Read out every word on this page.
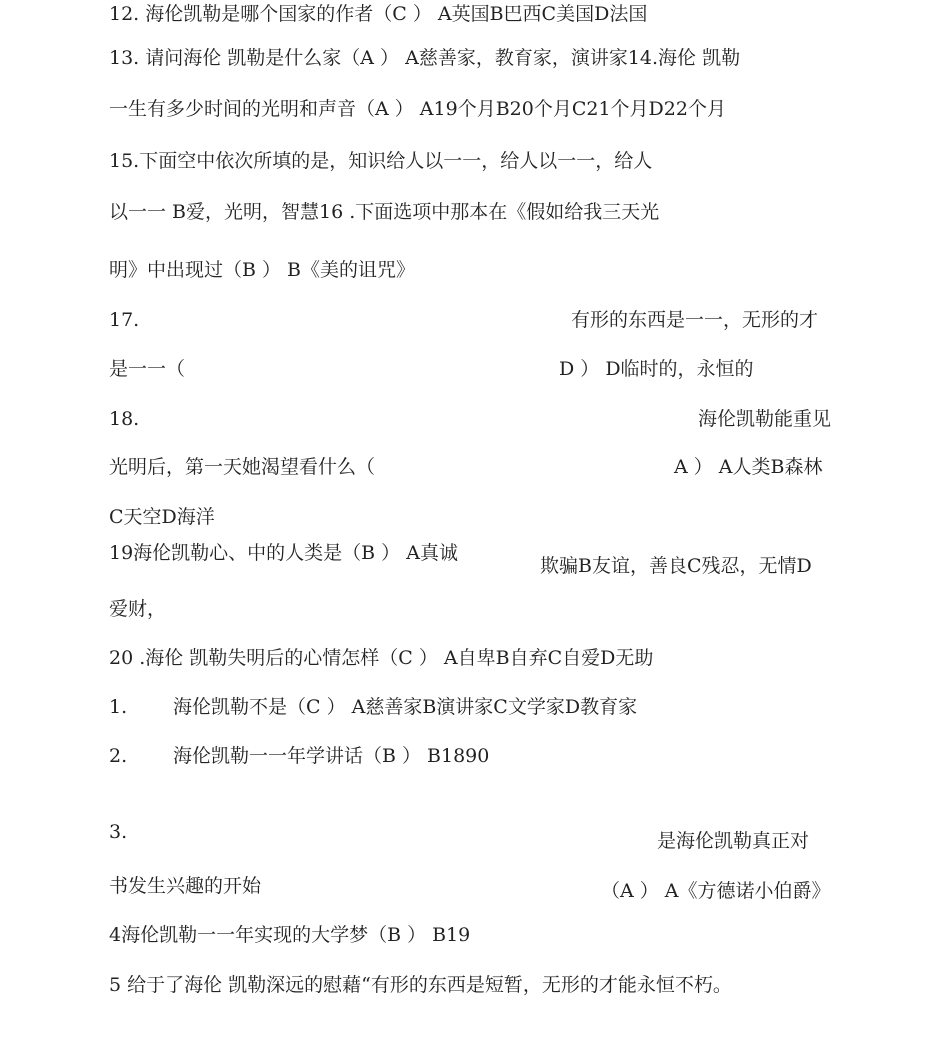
12. 海伦凯勒是哪个国家的作者（C ） A英国B巴西C美国D法国
13. 请问海伦 凯勒是什么家（A ） A慈善家，教育家，演讲家14.海伦 凯勒
一生有多少时间的光明和声音（A ） A19个月B20个月C21个月D22个月
15.下面空中依次所填的是，知识给人以一一，给人以一一，给人
以一一 B爱，光明，智慧16 .下面选项中那本在《假如给我三天光
明》中出现过（B ） B《美的诅咒》
17.	有形的东西是一一，无形的才
是一一（	D ） D临时的，永恒的
18.	海伦凯勒能重见
光明后，第一天她渴望看什么（	A ） A人类B森林
C天空D海洋
19海伦凯勒心、中的人类是（B ） A真诚
欺骗B友谊，善良C残忍，无情D
爱财，
20 .海伦 凯勒失明后的心情怎样（C ） A自卑B自弃C自爱D无助
1. 海伦凯勒不是（C ） A慈善家B演讲家C文学家D教育家
2. 海伦凯勒一一年学讲话（B ） B1890
3.	是海伦凯勒真正对
书发生兴趣的开始	（A ） A《方德诺小伯爵》
4海伦凯勒一一年实现的大学梦（B ） B19
5 给于了海伦 凯勒深远的慰藉“有形的东西是短暂，无形的才能永恒不朽。
